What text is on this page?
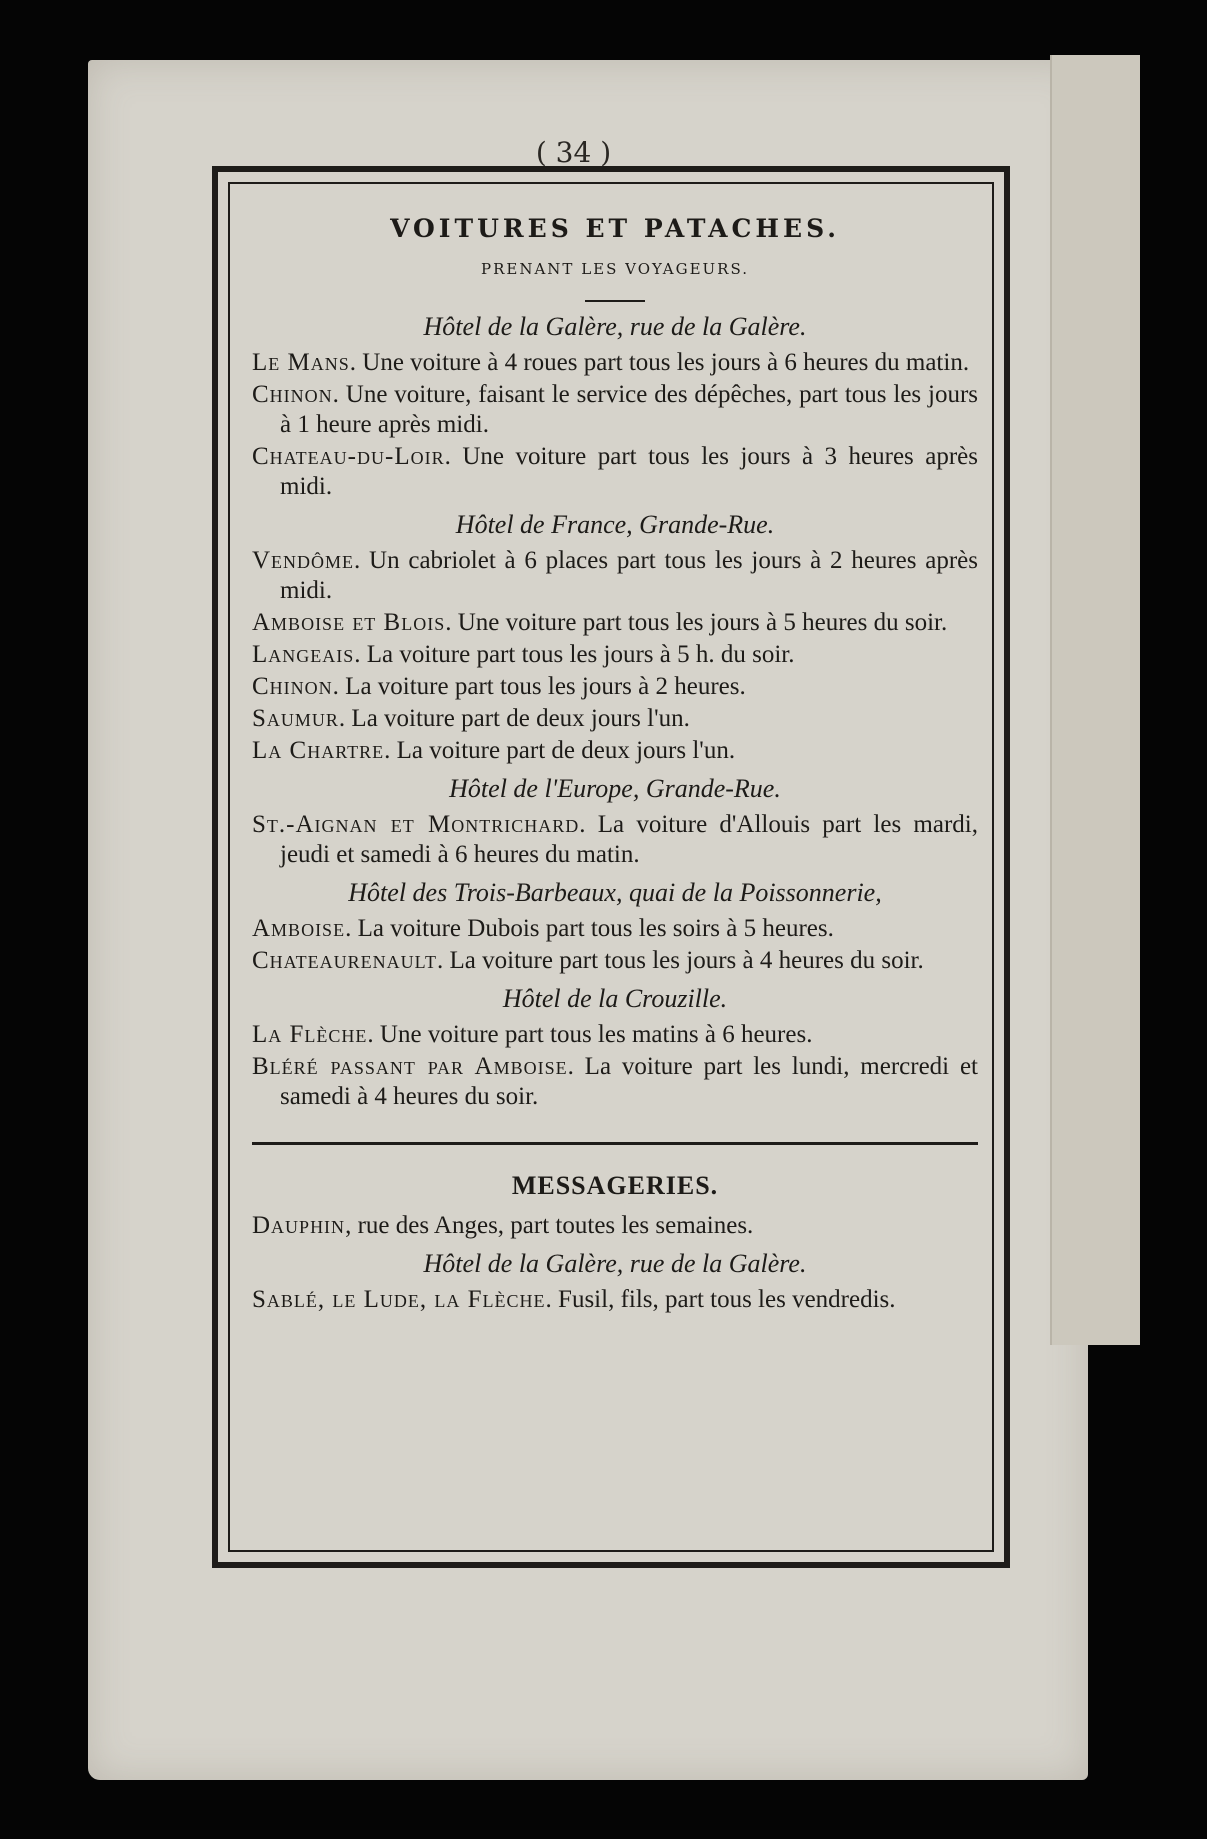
( 34 )
VOITURES ET PATACHES.
PRENANT LES VOYAGEURS.
Hôtel de la Galère, rue de la Galère.

Le Mans. Une voiture à 4 roues part tous les jours à 6 heures du matin.

Chinon. Une voiture, faisant le service des dépêches, part tous les jours à 1 heure après midi.

Chateau-du-Loir. Une voiture part tous les jours à 3 heures après midi.

Hôtel de France, Grande-Rue.

Vendôme. Un cabriolet à 6 places part tous les jours à 2 heures après midi.

Amboise et Blois. Une voiture part tous les jours à 5 heures du soir.

Langeais. La voiture part tous les jours à 5 h. du soir.

Chinon. La voiture part tous les jours à 2 heures.

Saumur. La voiture part de deux jours l'un.

La Chartre. La voiture part de deux jours l'un.

Hôtel de l'Europe, Grande-Rue.

St.-Aignan et Montrichard. La voiture d'Allouis part les mardi, jeudi et samedi à 6 heures du matin.

Hôtel des Trois-Barbeaux, quai de la Poissonnerie,

Amboise. La voiture Dubois part tous les soirs à 5 heures.

Chateaurenault. La voiture part tous les jours à 4 heures du soir.

Hôtel de la Crouzille.

La Flèche. Une voiture part tous les matins à 6 heures.

Bléré passant par Amboise. La voiture part les lundi, mercredi et samedi à 4 heures du soir.

MESSAGERIES.

Dauphin, rue des Anges, part toutes les semaines.

Hôtel de la Galère, rue de la Galère.

Sablé, le Lude, la Flèche. Fusil, fils, part tous les vendredis.
